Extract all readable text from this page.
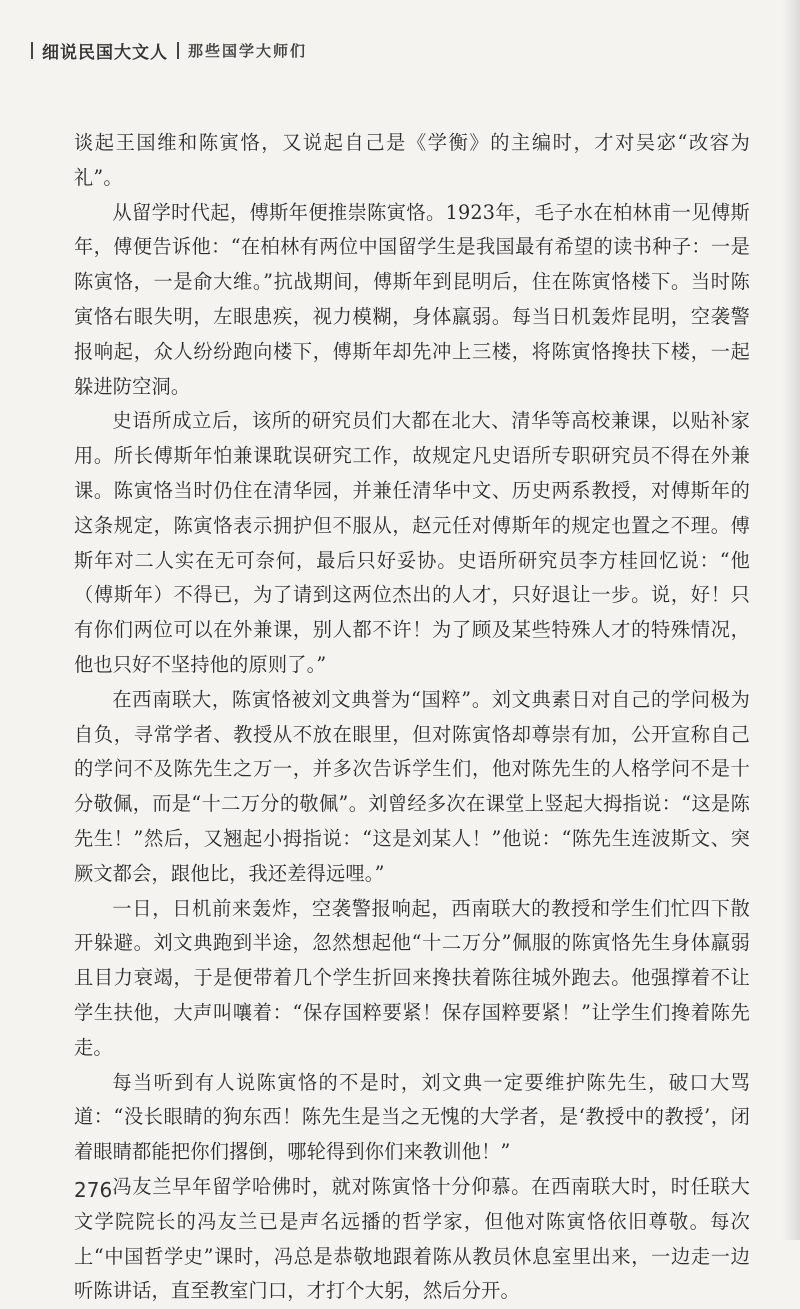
细说民国大文人 那些国学大师们

谈起王国维和陈寅恪，又说起自己是《学衡》的主编时，才对吴宓“改容为礼”。

从留学时代起，傅斯年便推崇陈寅恪。1923年，毛子水在柏林甫一见傅斯年，傅便告诉他：“在柏林有两位中国留学生是我国最有希望的读书种子：一是陈寅恪，一是俞大维。”抗战期间，傅斯年到昆明后，住在陈寅恪楼下。当时陈寅恪右眼失明，左眼患疾，视力模糊，身体羸弱。每当日机轰炸昆明，空袭警报响起，众人纷纷跑向楼下，傅斯年却先冲上三楼，将陈寅恪搀扶下楼，一起躲进防空洞。

史语所成立后，该所的研究员们大都在北大、清华等高校兼课，以贴补家用。所长傅斯年怕兼课耽误研究工作，故规定凡史语所专职研究员不得在外兼课。陈寅恪当时仍住在清华园，并兼任清华中文、历史两系教授，对傅斯年的这条规定，陈寅恪表示拥护但不服从，赵元任对傅斯年的规定也置之不理。傅斯年对二人实在无可奈何，最后只好妥协。史语所研究员李方桂回忆说：“他（傅斯年）不得已，为了请到这两位杰出的人才，只好退让一步。说，好！只有你们两位可以在外兼课，别人都不许！为了顾及某些特殊人才的特殊情况，他也只好不坚持他的原则了。”

在西南联大，陈寅恪被刘文典誉为“国粹”。刘文典素日对自己的学问极为自负，寻常学者、教授从不放在眼里，但对陈寅恪却尊崇有加，公开宣称自己的学问不及陈先生之万一，并多次告诉学生们，他对陈先生的人格学问不是十分敬佩，而是“十二万分的敬佩”。刘曾经多次在课堂上竖起大拇指说：“这是陈先生！”然后，又翘起小拇指说：“这是刘某人！”他说：“陈先生连波斯文、突厥文都会，跟他比，我还差得远哩。”

一日，日机前来轰炸，空袭警报响起，西南联大的教授和学生们忙四下散开躲避。刘文典跑到半途，忽然想起他“十二万分”佩服的陈寅恪先生身体羸弱且目力衰竭，于是便带着几个学生折回来搀扶着陈往城外跑去。他强撑着不让学生扶他，大声叫嚷着：“保存国粹要紧！保存国粹要紧！”让学生们搀着陈先走。

每当听到有人说陈寅恪的不是时，刘文典一定要维护陈先生，破口大骂道：“没长眼睛的狗东西！陈先生是当之无愧的大学者，是‘教授中的教授’，闭着眼睛都能把你们撂倒，哪轮得到你们来教训他！”

冯友兰早年留学哈佛时，就对陈寅恪十分仰慕。在西南联大时，时任联大文学院院长的冯友兰已是声名远播的哲学家，但他对陈寅恪依旧尊敬。每次上“中国哲学史”课时，冯总是恭敬地跟着陈从教员休息室里出来，一边走一边听陈讲话，直至教室门口，才打个大躬，然后分开。

276
